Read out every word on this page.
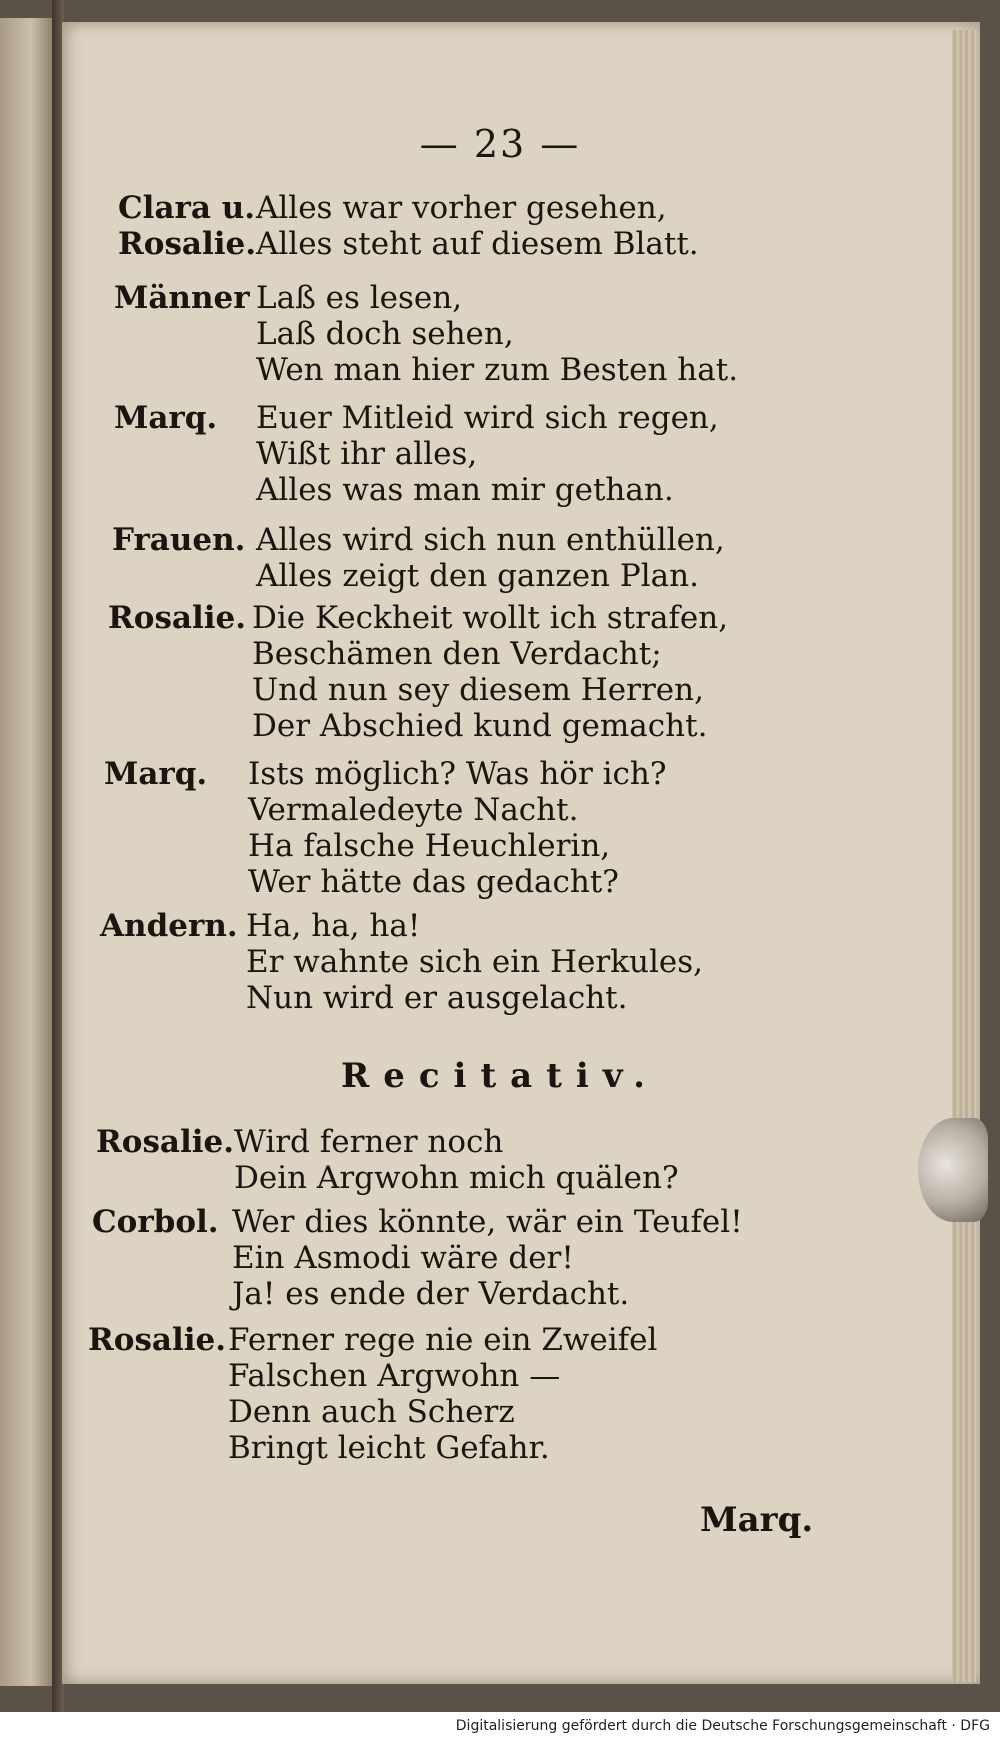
— 23 —
Clara u. Alles war vorher gesehen,
Rosalie. Alles steht auf diesem Blatt.
Männer Laß es lesen,
Laß doch sehen,
Wen man hier zum Besten hat.
Marq.	Euer Mitleid wird sich regen,
Wißt ihr alles,
Alles was man mir gethan.
Frauen. Alles wird sich nun enthüllen,
Alles zeigt den ganzen Plan.
Rosalie. Die Keckheit wollt ich strafen,
Beschämen den Verdacht;
Und nun sey diesem Herren,
Der Abschied kund gemacht.
Marq.	Ists möglich? Was hör ich?
Vermaledeyte Nacht.
Ha falsche Heuchlerin,
Wer hätte das gedacht?
Andern. Ha, ha, ha!
Er wahnte sich ein Herkules,
Nun wird er ausgelacht.
Recitativ.
Rosalie. Wird ferner noch
Dein Argwohn mich quälen?
Corbol. Wer dies könnte, wär ein Teufel!
Ein Asmodi wäre der!
Ja! es ende der Verdacht.
Rosalie. Ferner rege nie ein Zweifel
Falschen Argwohn —
Denn auch Scherz
Bringt leicht Gefahr.
Marq.
Digitalisierung gefördert durch die Deutsche Forschungsgemeinschaft · DFG
